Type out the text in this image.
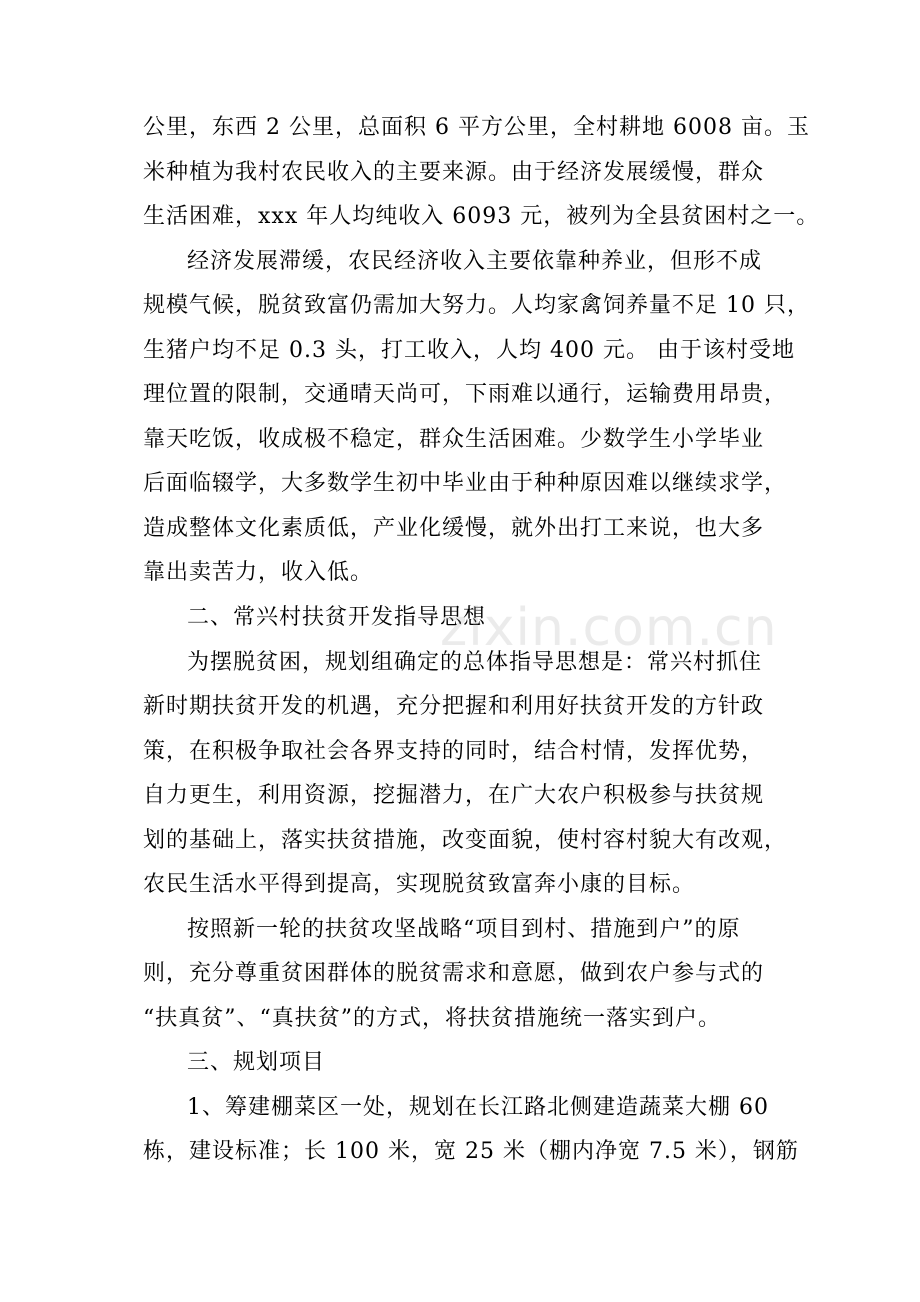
公里，东西 2 公里，总面积 6 平方公里，全村耕地 6008 亩。玉
米种植为我村农民收入的主要来源。由于经济发展缓慢，群众
生活困难，xxx 年人均纯收入 6093 元，被列为全县贫困村之一。
经济发展滞缓，农民经济收入主要依靠种养业，但形不成
规模气候，脱贫致富仍需加大努力。人均家禽饲养量不足 10 只，
生猪户均不足 0.3 头，打工收入，人均 400 元。 由于该村受地
理位置的限制，交通晴天尚可，下雨难以通行，运输费用昂贵，
靠天吃饭，收成极不稳定，群众生活困难。少数学生小学毕业
后面临辍学，大多数学生初中毕业由于种种原因难以继续求学，
造成整体文化素质低，产业化缓慢，就外出打工来说，也大多
靠出卖苦力，收入低。
二、常兴村扶贫开发指导思想
为摆脱贫困，规划组确定的总体指导思想是：常兴村抓住
新时期扶贫开发的机遇，充分把握和利用好扶贫开发的方针政
策，在积极争取社会各界支持的同时，结合村情，发挥优势，
自力更生，利用资源，挖掘潜力，在广大农户积极参与扶贫规
划的基础上，落实扶贫措施，改变面貌，使村容村貌大有改观，
农民生活水平得到提高，实现脱贫致富奔小康的目标。
按照新一轮的扶贫攻坚战略“项目到村、措施到户”的原
则，充分尊重贫困群体的脱贫需求和意愿，做到农户参与式的
“扶真贫”、“真扶贫”的方式，将扶贫措施统一落实到户。
三、规划项目
1、筹建棚菜区一处，规划在长江路北侧建造蔬菜大棚 60
栋，建设标准；长 100 米，宽 25 米（棚内净宽 7.5 米），钢筋
zixin.com.cn
